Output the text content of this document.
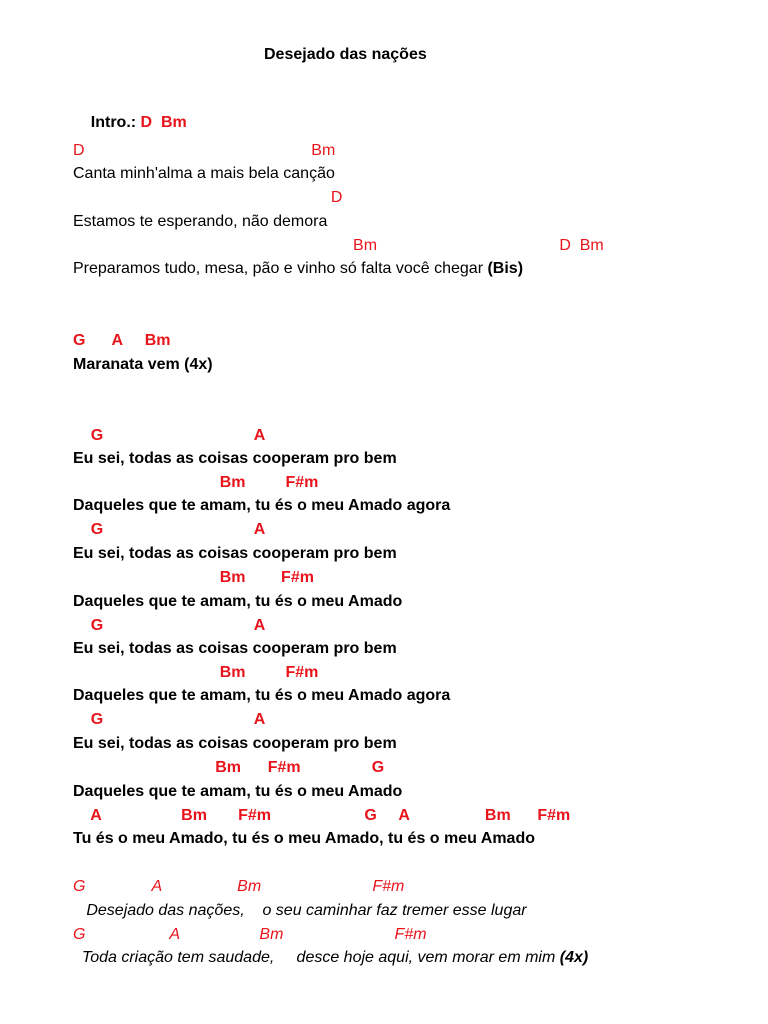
Desejado das nações

Intro.: D  Bm

D                                                   Bm
Canta minh'alma a mais bela canção
D
Estamos te esperando, não demora
Bm                                         D  Bm
Preparamos tudo, mesa, pão e vinho só falta você chegar (Bis)
G      A     Bm
Maranata vem (4x)
G                                  A
Eu sei, todas as coisas cooperam pro bem
Bm         F#m
Daqueles que te amam, tu és o meu Amado agora
G                                  A
Eu sei, todas as coisas cooperam pro bem
Bm        F#m
Daqueles que te amam, tu és o meu Amado
G                                  A
Eu sei, todas as coisas cooperam pro bem
Bm         F#m
Daqueles que te amam, tu és o meu Amado agora
G                                  A
Eu sei, todas as coisas cooperam pro bem
Bm      F#m                G
Daqueles que te amam, tu és o meu Amado
A                  Bm       F#m                     G     A                 Bm      F#m
Tu és o meu Amado, tu és o meu Amado, tu és o meu Amado
G               A                 Bm                         F#m
Desejado das nações,    o seu caminhar faz tremer esse lugar
G                   A                  Bm                         F#m
Toda criação tem saudade,     desce hoje aqui, vem morar em mim (4x)
